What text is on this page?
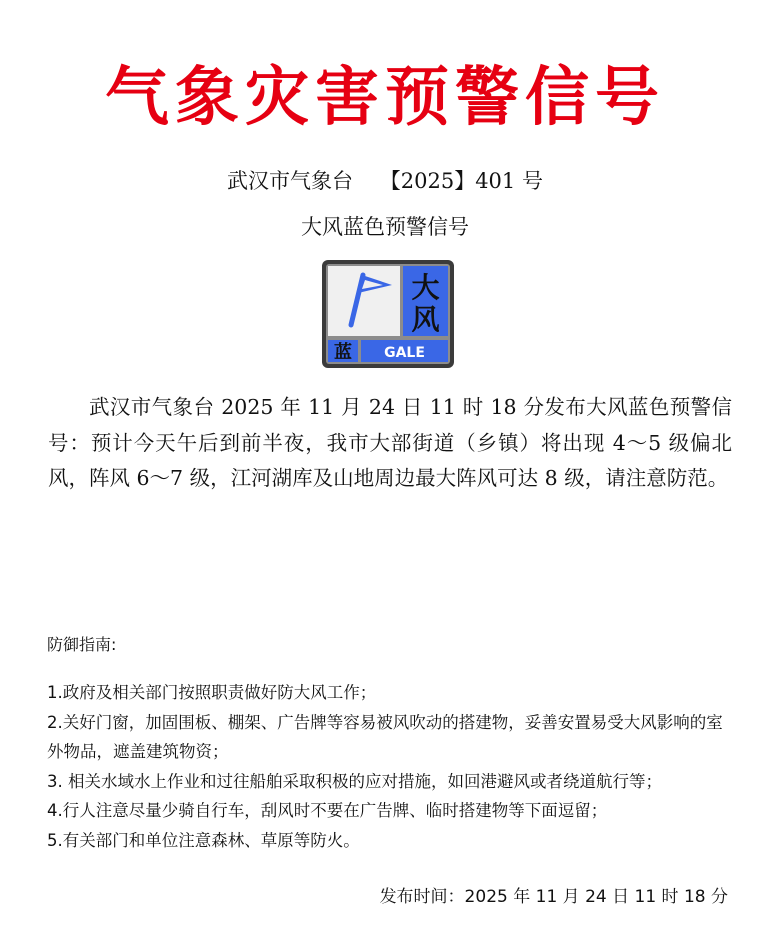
气象灾害预警信号
武汉市气象台    【2025】401 号
大风蓝色预警信号
大
风
蓝 GALE

武汉市气象台 2025 年 11 月 24 日 11 时 18 分发布大风蓝色预警信号：预计今天午后到前半夜，我市大部街道（乡镇）将出现 4～5 级偏北风，阵风 6～7 级，江河湖库及山地周边最大阵风可达 8 级，请注意防范。

防御指南:
1.政府及相关部门按照职责做好防大风工作；
2.关好门窗，加固围板、棚架、广告牌等容易被风吹动的搭建物，妥善安置易受大风影响的室外物品，遮盖建筑物资；
3. 相关水域水上作业和过往船舶采取积极的应对措施，如回港避风或者绕道航行等；
4.行人注意尽量少骑自行车，刮风时不要在广告牌、临时搭建物等下面逗留；
5.有关部门和单位注意森林、草原等防火。
发布时间：2025 年 11 月 24 日 11 时 18 分
